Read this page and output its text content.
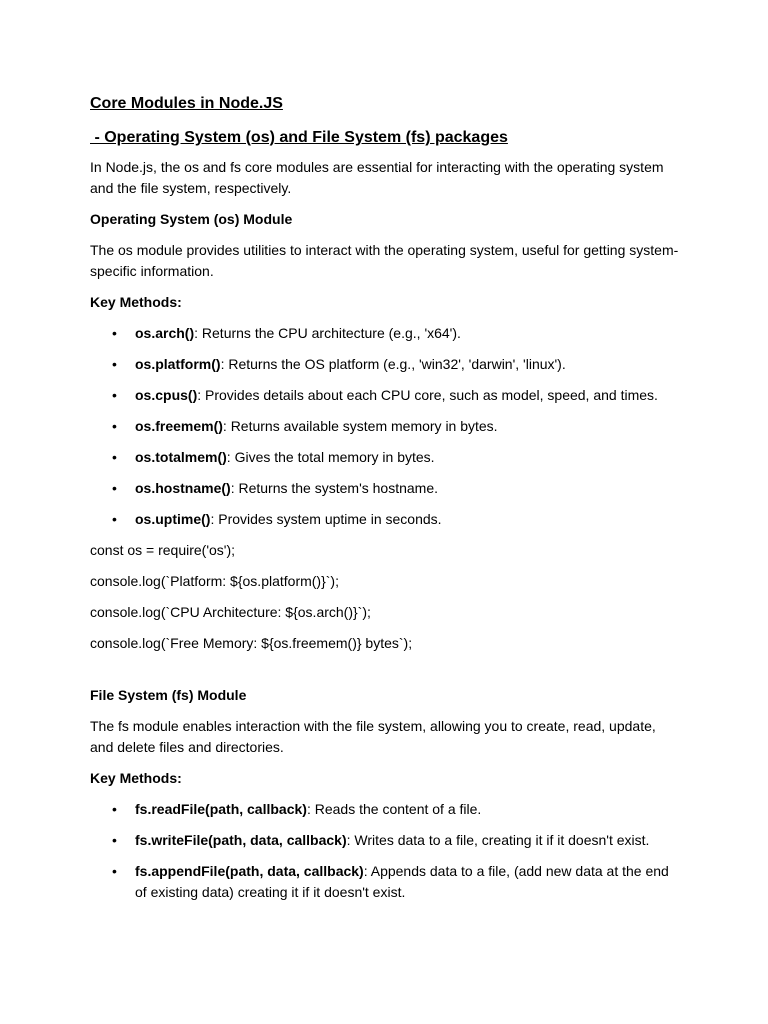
Core Modules in Node.JS
- Operating System (os) and File System (fs) packages

In Node.js, the os and fs core modules are essential for interacting with the operating system and the file system, respectively.

Operating System (os) Module

The os module provides utilities to interact with the operating system, useful for getting system-specific information.

Key Methods:
• os.arch(): Returns the CPU architecture (e.g., 'x64').
• os.platform(): Returns the OS platform (e.g., 'win32', 'darwin', 'linux').
• os.cpus(): Provides details about each CPU core, such as model, speed, and times.
• os.freemem(): Returns available system memory in bytes.
• os.totalmem(): Gives the total memory in bytes.
• os.hostname(): Returns the system's hostname.
• os.uptime(): Provides system uptime in seconds.
const os = require('os');
console.log(`Platform: ${os.platform()}`);
console.log(`CPU Architecture: ${os.arch()}`);
console.log(`Free Memory: ${os.freemem()} bytes`);
File System (fs) Module

The fs module enables interaction with the file system, allowing you to create, read, update, and delete files and directories.

Key Methods:
• fs.readFile(path, callback): Reads the content of a file.
• fs.writeFile(path, data, callback): Writes data to a file, creating it if it doesn't exist.
• fs.appendFile(path, data, callback): Appends data to a file, (add new data at the end of existing data) creating it if it doesn't exist.
